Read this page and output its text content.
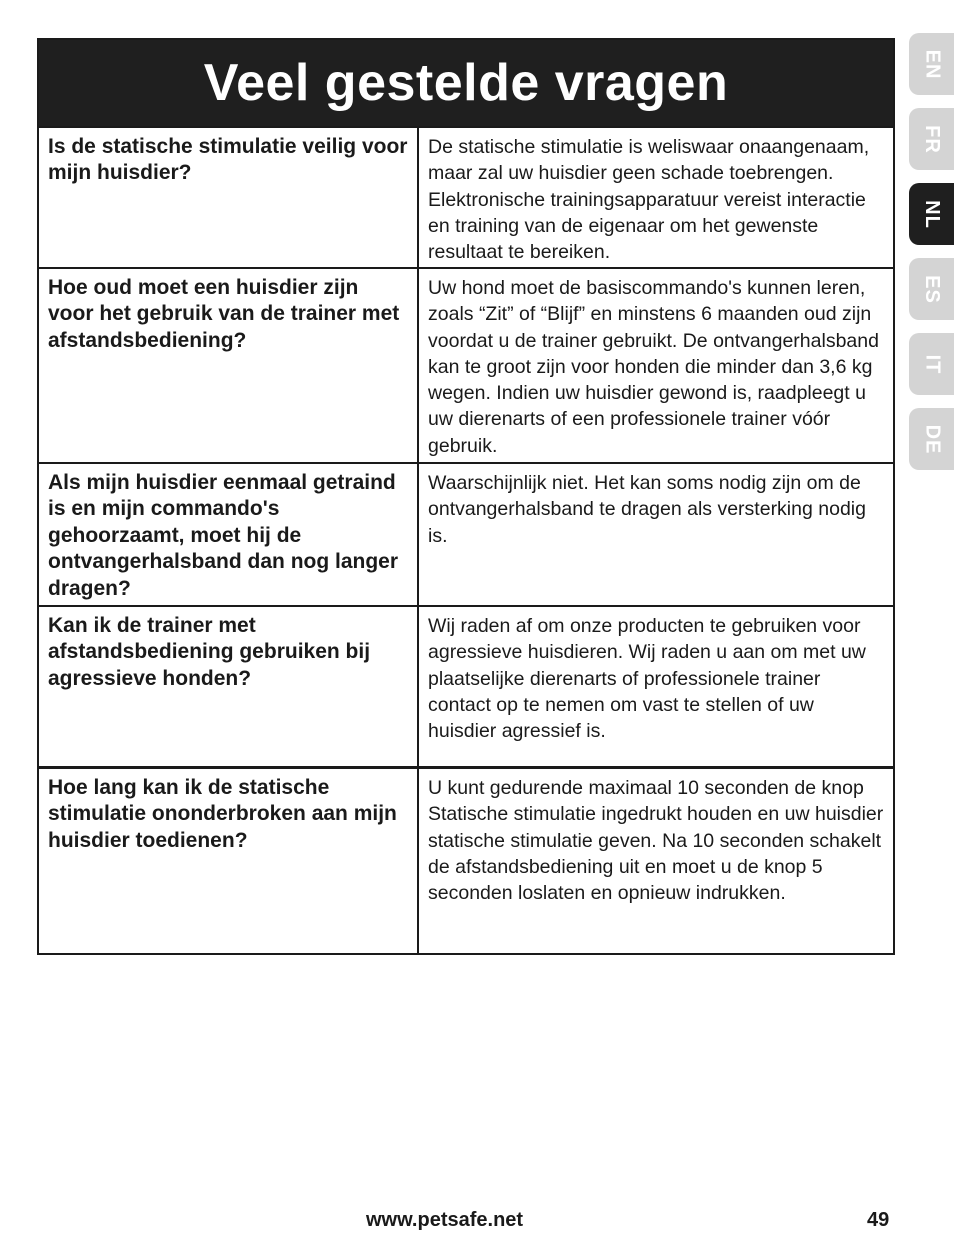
Veel gestelde vragen
Is de statische stimulatie veilig voor mijn huisdier?
De statische stimulatie is weliswaar onaangenaam, maar zal uw huisdier geen schade toebrengen. Elektronische trainingsapparatuur vereist interactie en training van de eigenaar om het gewenste resultaat te bereiken.
Hoe oud moet een huisdier zijn voor het gebruik van de trainer met afstandsbediening?
Uw hond moet de basiscommando's kunnen leren, zoals “Zit” of “Blijf” en minstens 6 maanden oud zijn voordat u de trainer gebruikt. De ontvangerhalsband kan te groot zijn voor honden die minder dan 3,6 kg wegen. Indien uw huisdier gewond is, raadpleegt u uw dierenarts of een professionele trainer vóór gebruik.
Als mijn huisdier eenmaal getraind is en mijn commando's gehoorzaamt, moet hij de ontvangerhalsband dan nog langer dragen?
Waarschijnlijk niet. Het kan soms nodig zijn om de ontvangerhalsband te dragen als versterking nodig is.
Kan ik de trainer met afstandsbediening gebruiken bij agressieve honden?
Wij raden af om onze producten te gebruiken voor agressieve huisdieren. Wij raden u aan om met uw plaatselijke dierenarts of professionele trainer contact op te nemen om vast te stellen of uw huisdier agressief is.
Hoe lang kan ik de statische stimulatie ononderbroken aan mijn huisdier toedienen?
U kunt gedurende maximaal 10 seconden de knop Statische stimulatie ingedrukt houden en uw huisdier statische stimulatie geven. Na 10 seconden schakelt de afstandsbediening uit en moet u de knop 5 seconden loslaten en opnieuw indrukken.
EN
FR
NL
ES
IT
DE
www.petsafe.net	49
